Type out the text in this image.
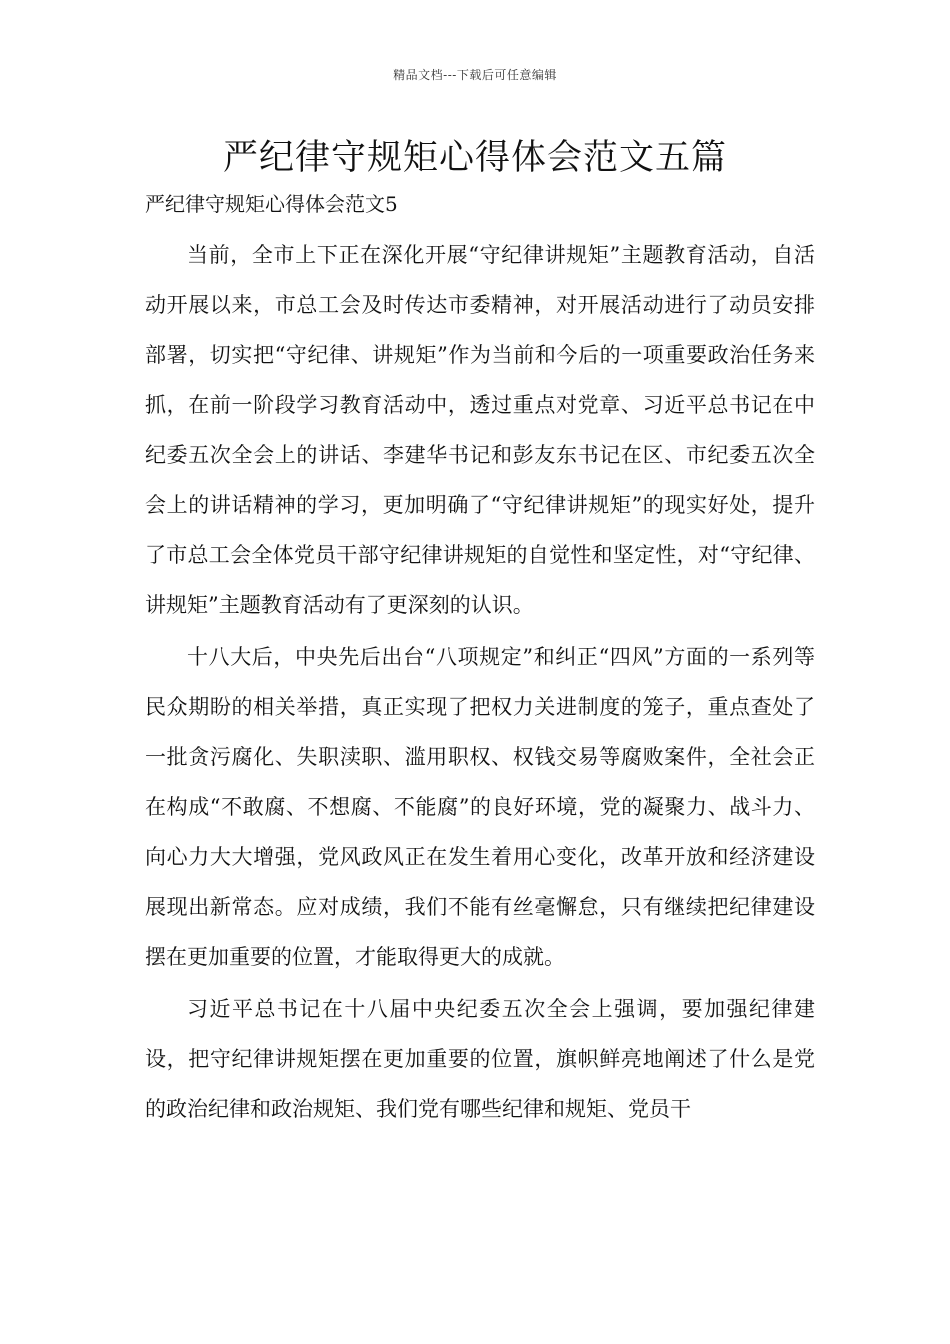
精品文档---下载后可任意编辑
严纪律守规矩心得体会范文五篇
严纪律守规矩心得体会范文5

当前，全市上下正在深化开展“守纪律讲规矩”主题教育活动，自活动开展以来，市总工会及时传达市委精神，对开展活动进行了动员安排部署，切实把“守纪律、讲规矩”作为当前和今后的一项重要政治任务来抓，在前一阶段学习教育活动中，透过重点对党章、习近平总书记在中纪委五次全会上的讲话、李建华书记和彭友东书记在区、市纪委五次全会上的讲话精神的学习，更加明确了“守纪律讲规矩”的现实好处，提升了市总工会全体党员干部守纪律讲规矩的自觉性和坚定性，对“守纪律、讲规矩”主题教育活动有了更深刻的认识。

十八大后，中央先后出台“八项规定”和纠正“四风”方面的一系列等民众期盼的相关举措，真正实现了把权力关进制度的笼子，重点查处了一批贪污腐化、失职渎职、滥用职权、权钱交易等腐败案件，全社会正在构成“不敢腐、不想腐、不能腐”的良好环境，党的凝聚力、战斗力、向心力大大增强，党风政风正在发生着用心变化，改革开放和经济建设展现出新常态。应对成绩，我们不能有丝毫懈怠，只有继续把纪律建设摆在更加重要的位置，才能取得更大的成就。

习近平总书记在十八届中央纪委五次全会上强调，要加强纪律建设，把守纪律讲规矩摆在更加重要的位置，旗帜鲜亮地阐述了什么是党的政治纪律和政治规矩、我们党有哪些纪律和规矩、党员干
